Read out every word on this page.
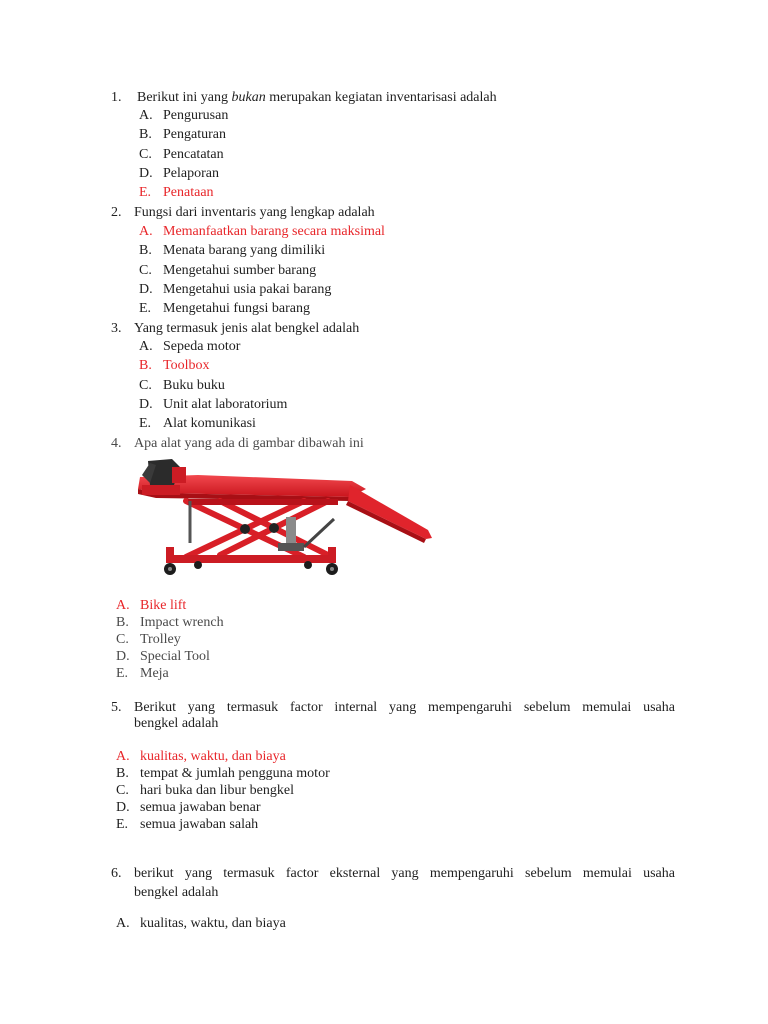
1. Berikut ini yang bukan merupakan kegiatan inventarisasi adalah
A. Pengurusan
B. Pengaturan
C. Pencatatan
D. Pelaporan
E. Penataan
2. Fungsi dari inventaris yang lengkap adalah
A. Memanfaatkan barang secara maksimal
B. Menata barang yang dimiliki
C. Mengetahui sumber barang
D. Mengetahui usia pakai barang
E. Mengetahui fungsi barang
3. Yang termasuk jenis alat bengkel adalah
A. Sepeda motor
B. Toolbox
C. Buku buku
D. Unit alat laboratorium
E. Alat komunikasi
4. Apa alat yang ada di gambar dibawah ini
A. Bike lift
B. Impact wrench
C. Trolley
D. Special Tool
E. Meja
5. Berikut yang termasuk factor internal yang mempengaruhi sebelum memulai usaha
bengkel adalah
A. kualitas, waktu, dan biaya
B. tempat & jumlah pengguna motor
C. hari buka dan libur bengkel
D. semua jawaban benar
E. semua jawaban salah
6. berikut yang termasuk factor eksternal yang mempengaruhi sebelum memulai usaha
bengkel adalah
A. kualitas, waktu, dan biaya
